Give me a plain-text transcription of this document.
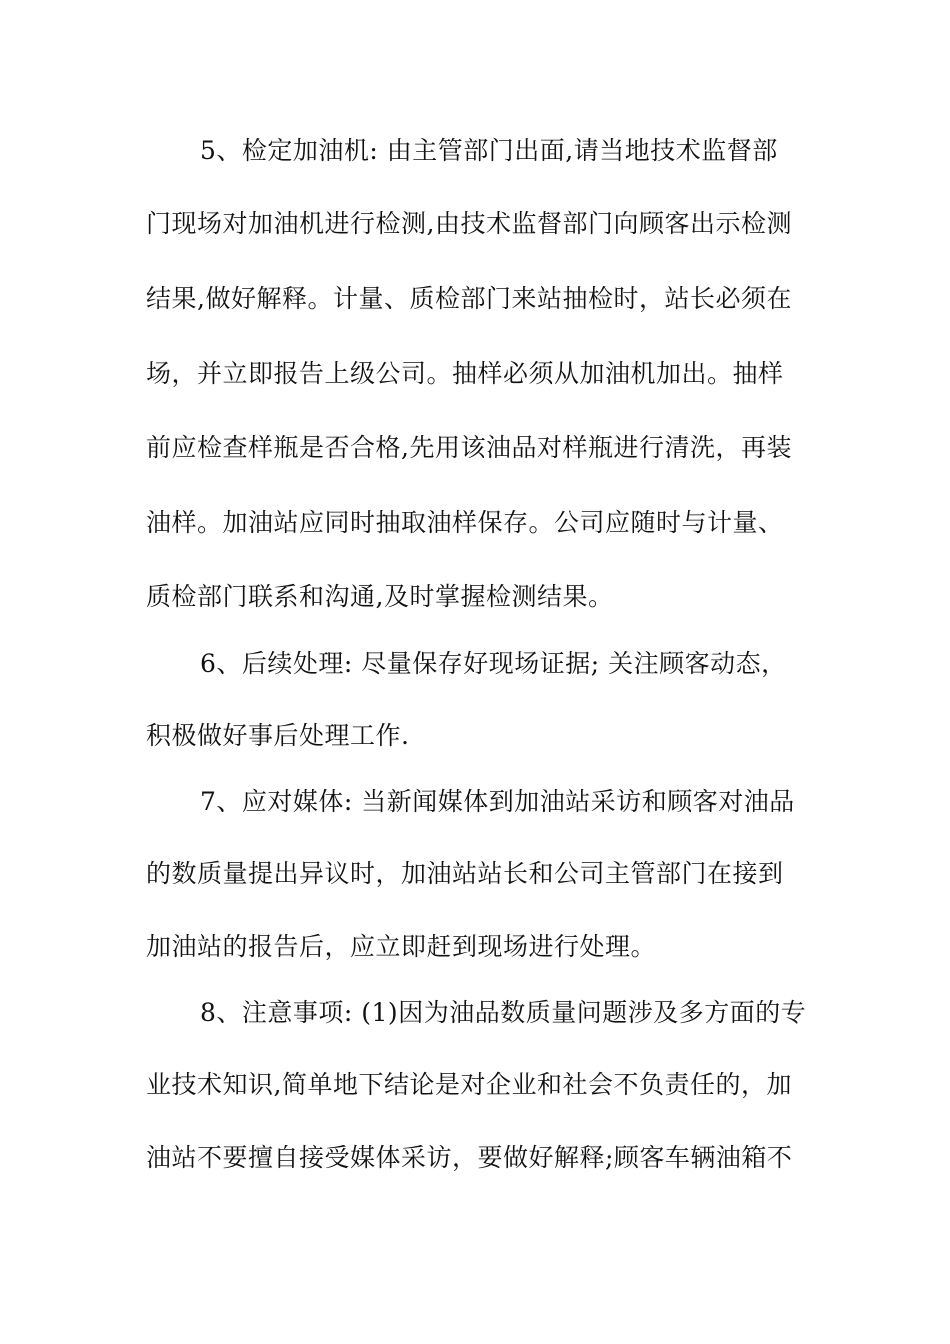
5、检定加油机: 由主管部门出面,请当地技术监督部
门现场对加油机进行检测,由技术监督部门向顾客出示检测
结果,做好解释。计量、质检部门来站抽检时，站长必须在
场，并立即报告上级公司。抽样必须从加油机加出。抽样
前应检查样瓶是否合格,先用该油品对样瓶进行清洗，再装
油样。加油站应同时抽取油样保存。公司应随时与计量、
质检部门联系和沟通,及时掌握检测结果。
6、后续处理: 尽量保存好现场证据; 关注顾客动态，
积极做好事后处理工作.
7、应对媒体: 当新闻媒体到加油站采访和顾客对油品
的数质量提出异议时，加油站站长和公司主管部门在接到
加油站的报告后，应立即赶到现场进行处理。
8、注意事项: (1)因为油品数质量问题涉及多方面的专
业技术知识,简单地下结论是对企业和社会不负责任的，加
油站不要擅自接受媒体采访，要做好解释;顾客车辆油箱不
